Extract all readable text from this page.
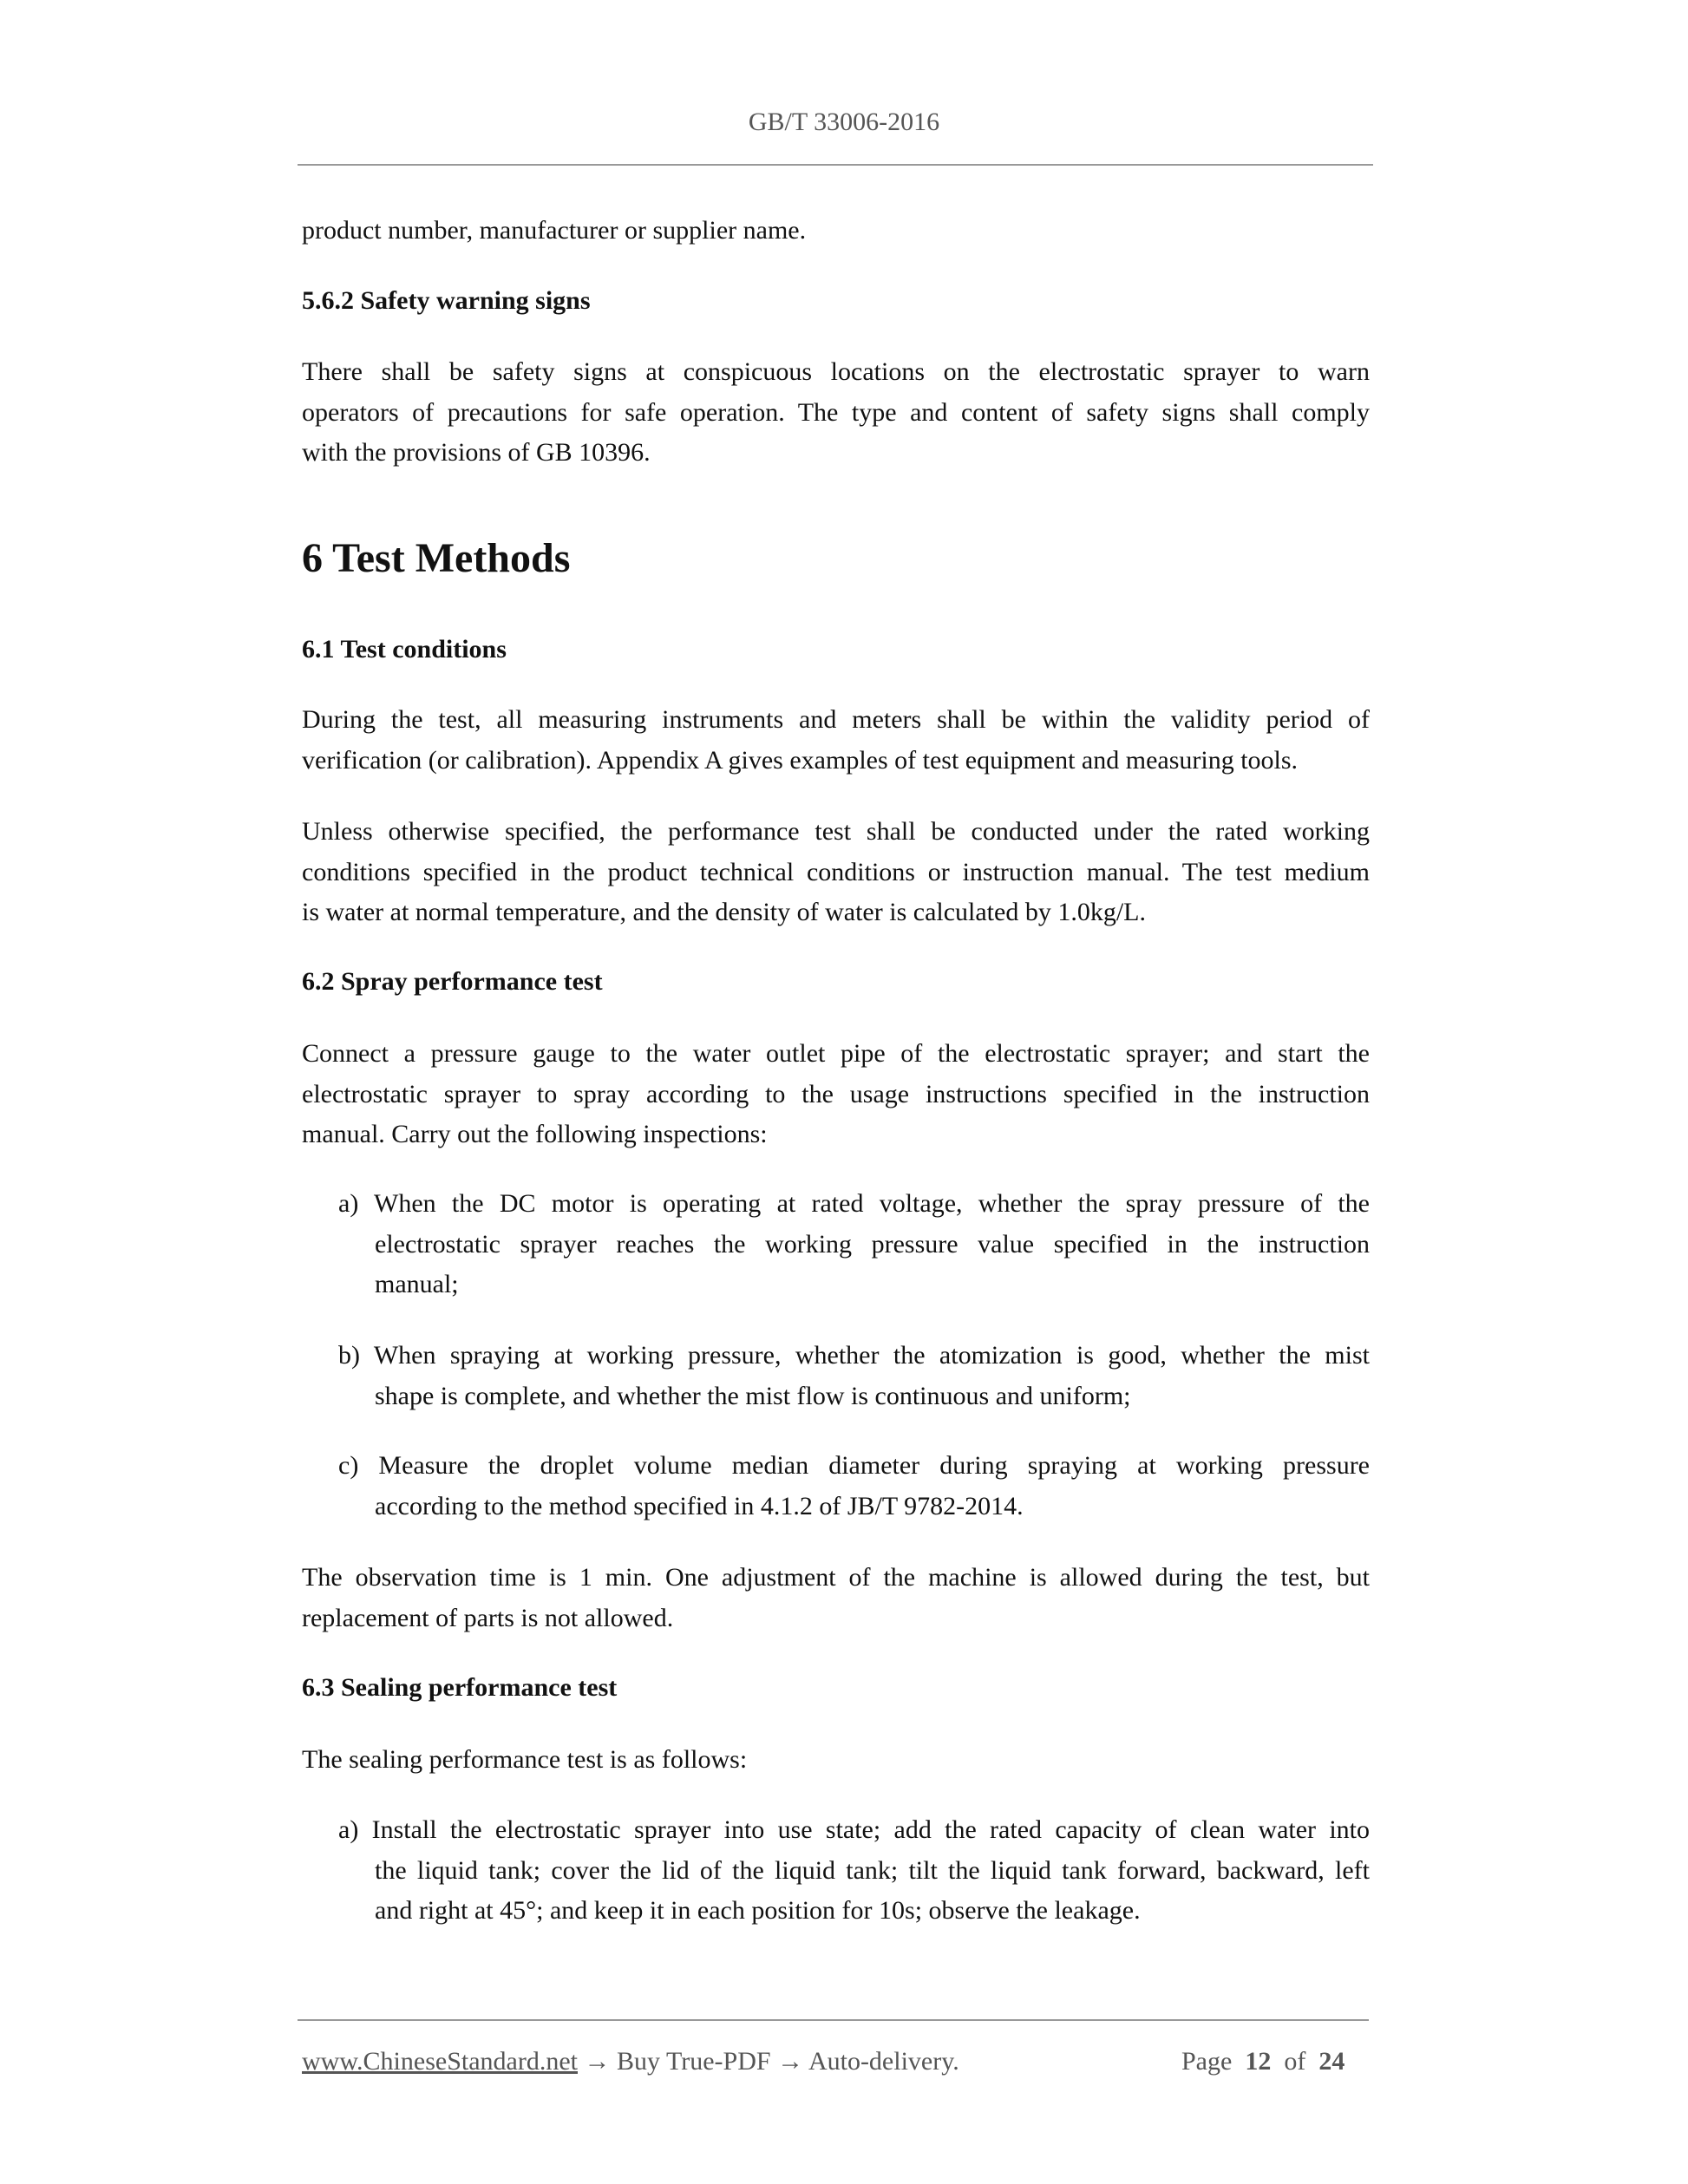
GB/T 33006-2016
product number, manufacturer or supplier name.
5.6.2 Safety warning signs
There shall be safety signs at conspicuous locations on the electrostatic sprayer to warn
operators of precautions for safe operation. The type and content of safety signs shall comply
with the provisions of GB 10396.
6 Test Methods
6.1 Test conditions
During the test, all measuring instruments and meters shall be within the validity period of
verification (or calibration). Appendix A gives examples of test equipment and measuring tools.
Unless otherwise specified, the performance test shall be conducted under the rated working
conditions specified in the product technical conditions or instruction manual. The test medium
is water at normal temperature, and the density of water is calculated by 1.0kg/L.
6.2 Spray performance test
Connect a pressure gauge to the water outlet pipe of the electrostatic sprayer; and start the
electrostatic sprayer to spray according to the usage instructions specified in the instruction
manual. Carry out the following inspections:
a) When the DC motor is operating at rated voltage, whether the spray pressure of the
electrostatic sprayer reaches the working pressure value specified in the instruction
manual;
b) When spraying at working pressure, whether the atomization is good, whether the mist
shape is complete, and whether the mist flow is continuous and uniform;
c) Measure the droplet volume median diameter during spraying at working pressure
according to the method specified in 4.1.2 of JB/T 9782-2014.
The observation time is 1 min. One adjustment of the machine is allowed during the test, but
replacement of parts is not allowed.
6.3 Sealing performance test
The sealing performance test is as follows:
a) Install the electrostatic sprayer into use state; add the rated capacity of clean water into
the liquid tank; cover the lid of the liquid tank; tilt the liquid tank forward, backward, left
and right at 45°; and keep it in each position for 10s; observe the leakage.
www.ChineseStandard.net → Buy True-PDF → Auto-delivery.	Page 12 of 24
